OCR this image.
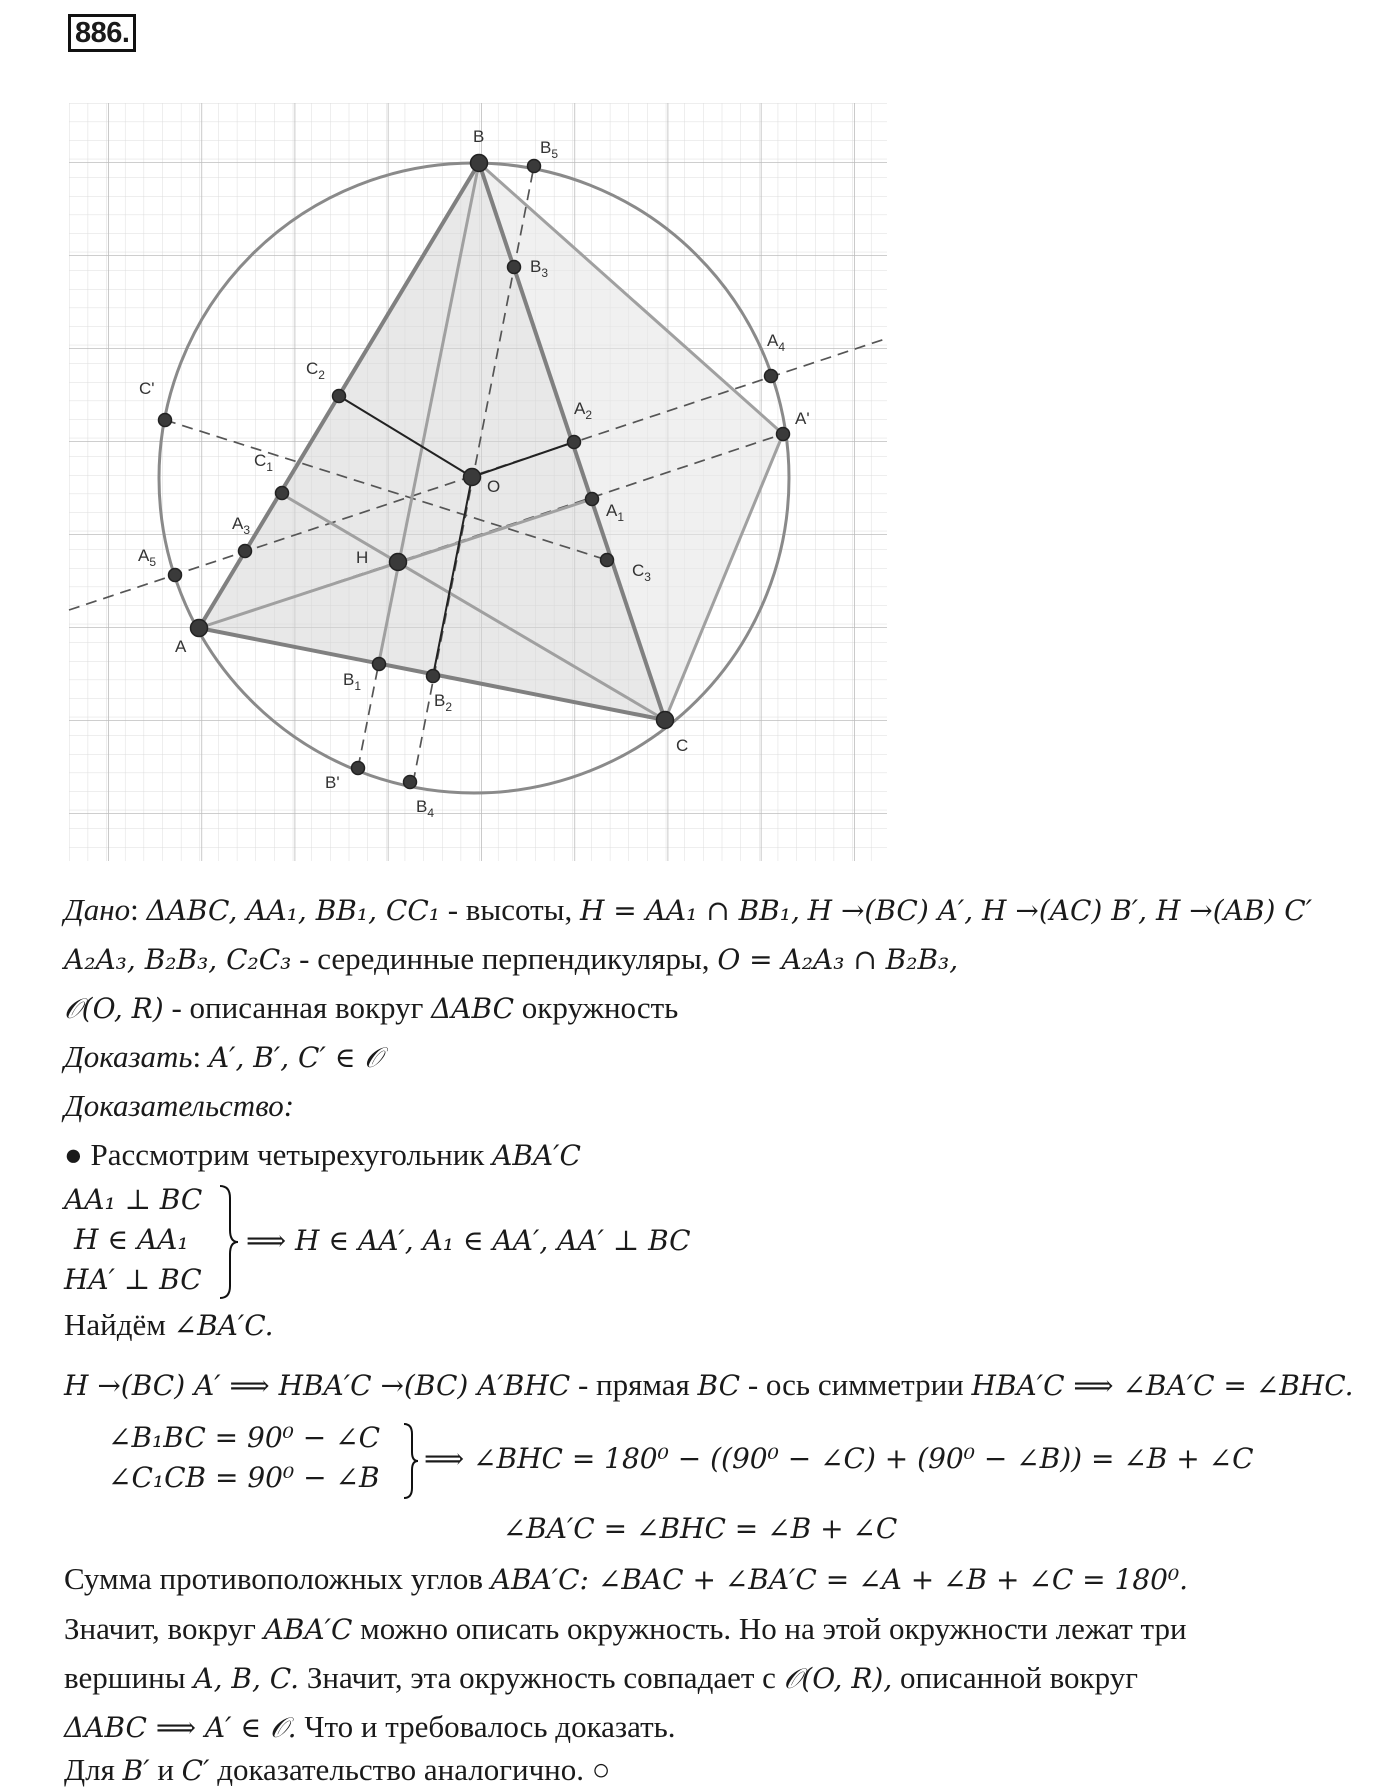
886.
B
$B_5$
$B_3$
$A_4$
A'
$C_2$
C'
$A_2$
O
$C_1$
$A_1$
$A_3$
H
$C_3$
$A_5$
A
$B_1$
$B_2$
C
B'
$B_4$
Дано: ΔABC, AA₁, BB₁, CC₁ - высоты, H = AA₁ ∩ BB₁, H →(BC) A′, H →(AC) B′, H →(AB) C′
A₂A₃, B₂B₃, C₂C₃ - серединные перпендикуляры, O = A₂A₃ ∩ B₂B₃,
𝒪(O, R) - описанная вокруг ΔABC окружность
Доказать: A′, B′, C′ ∈ 𝒪
Доказательство:
● Рассмотрим четырехугольник ABA′C
AA₁ ⊥ BC
H ∈ AA₁
HA′ ⊥ BC
⟹ H ∈ AA′, A₁ ∈ AA′, AA′ ⊥ BC
Найдём ∠BA′C.
H →(BC) A′ ⟹ HBA′C →(BC) A′BHC - прямая BC - ось симметрии HBA′C ⟹ ∠BA′C = ∠BHC.
∠B₁BC = 90⁰ − ∠C
∠C₁CB = 90⁰ − ∠B
⟹ ∠BHC = 180⁰ − ((90⁰ − ∠C) + (90⁰ − ∠B)) = ∠B + ∠C
∠BA′C = ∠BHC = ∠B + ∠C
Сумма противоположных углов ABA′C: ∠BAC + ∠BA′C = ∠A + ∠B + ∠C = 180⁰.
Значит, вокруг ABA′C можно описать окружность. Но на этой окружности лежат три
вершины A, B, C. Значит, эта окружность совпадает с 𝒪(O, R), описанной вокруг
ΔABC ⟹ A′ ∈ 𝒪. Что и требовалось доказать.
Для B′ и C′ доказательство аналогично. ○
